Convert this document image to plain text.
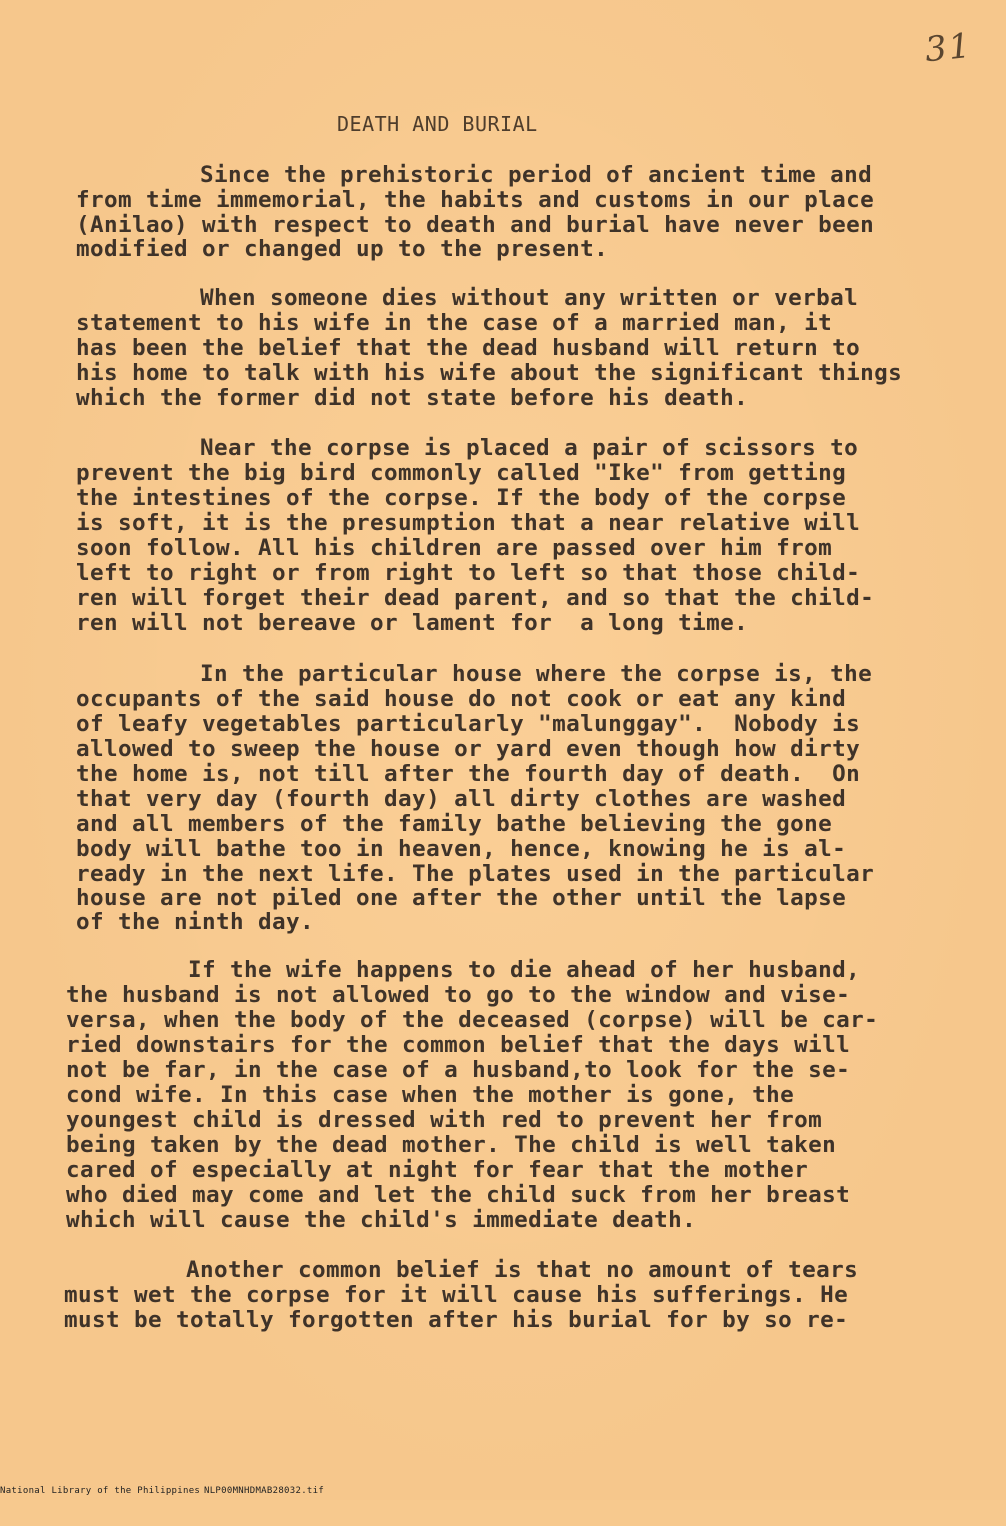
31
DEATH AND BURIAL
Since the prehistoric period of ancient time and
from time immemorial, the habits and customs in our place
(Anilao) with respect to death and burial have never been
modified or changed up to the present.
When someone dies without any written or verbal
statement to his wife in the case of a married man, it
has been the belief that the dead husband will return to
his home to talk with his wife about the significant things
which the former did not state before his death.
Near the corpse is placed a pair of scissors to
prevent the big bird commonly called "Ike" from getting
the intestines of the corpse. If the body of the corpse
is soft, it is the presumption that a near relative will
soon follow. All his children are passed over him from
left to right or from right to left so that those child-
ren will forget their dead parent, and so that the child-
ren will not bereave or lament for  a long time.
In the particular house where the corpse is, the
occupants of the said house do not cook or eat any kind
of leafy vegetables particularly "malunggay".  Nobody is
allowed to sweep the house or yard even though how dirty
the home is, not till after the fourth day of death.  On
that very day (fourth day) all dirty clothes are washed
and all members of the family bathe believing the gone
body will bathe too in heaven, hence, knowing he is al-
ready in the next life. The plates used in the particular
house are not piled one after the other until the lapse
of the ninth day.
If the wife happens to die ahead of her husband,
the husband is not allowed to go to the window and vise-
versa, when the body of the deceased (corpse) will be car-
ried downstairs for the common belief that the days will
not be far, in the case of a husband,to look for the se-
cond wife. In this case when the mother is gone, the
youngest child is dressed with red to prevent her from
being taken by the dead mother. The child is well taken
cared of especially at night for fear that the mother
who died may come and let the child suck from her breast
which will cause the child's immediate death.
Another common belief is that no amount of tears
must wet the corpse for it will cause his sufferings. He
must be totally forgotten after his burial for by so re-

National Library of the Philippines

NLP00MNHDMAB28032.tif
